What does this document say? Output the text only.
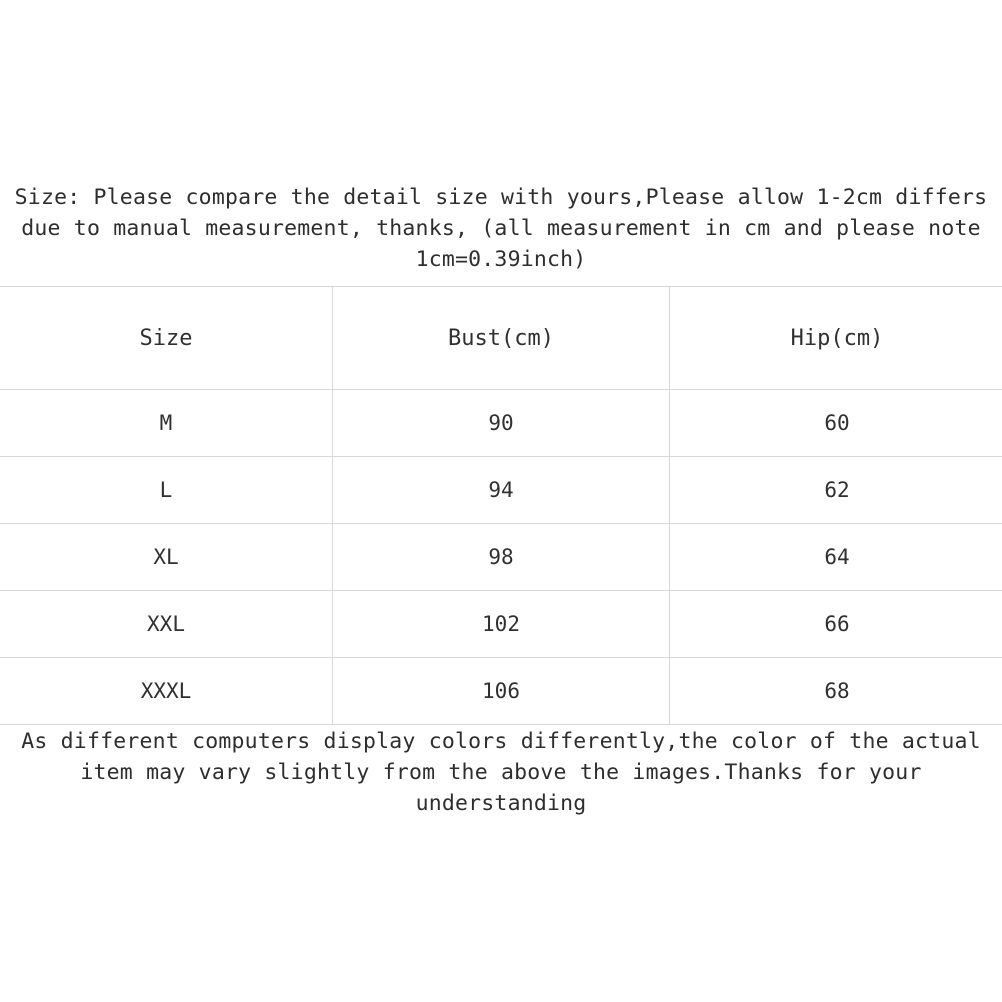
Size: Please compare the detail size with yours,Please allow 1-2cm differs due to manual measurement, thanks, (all measurement in cm and please note 1cm=0.39inch)
Size	Bust(cm)	Hip(cm)
M	90	60
L	94	62
XL	98	64
XXL	102	66
XXXL	106	68
As different computers display colors differently,the color of the actual item may vary slightly from the above the images.Thanks for your understanding
